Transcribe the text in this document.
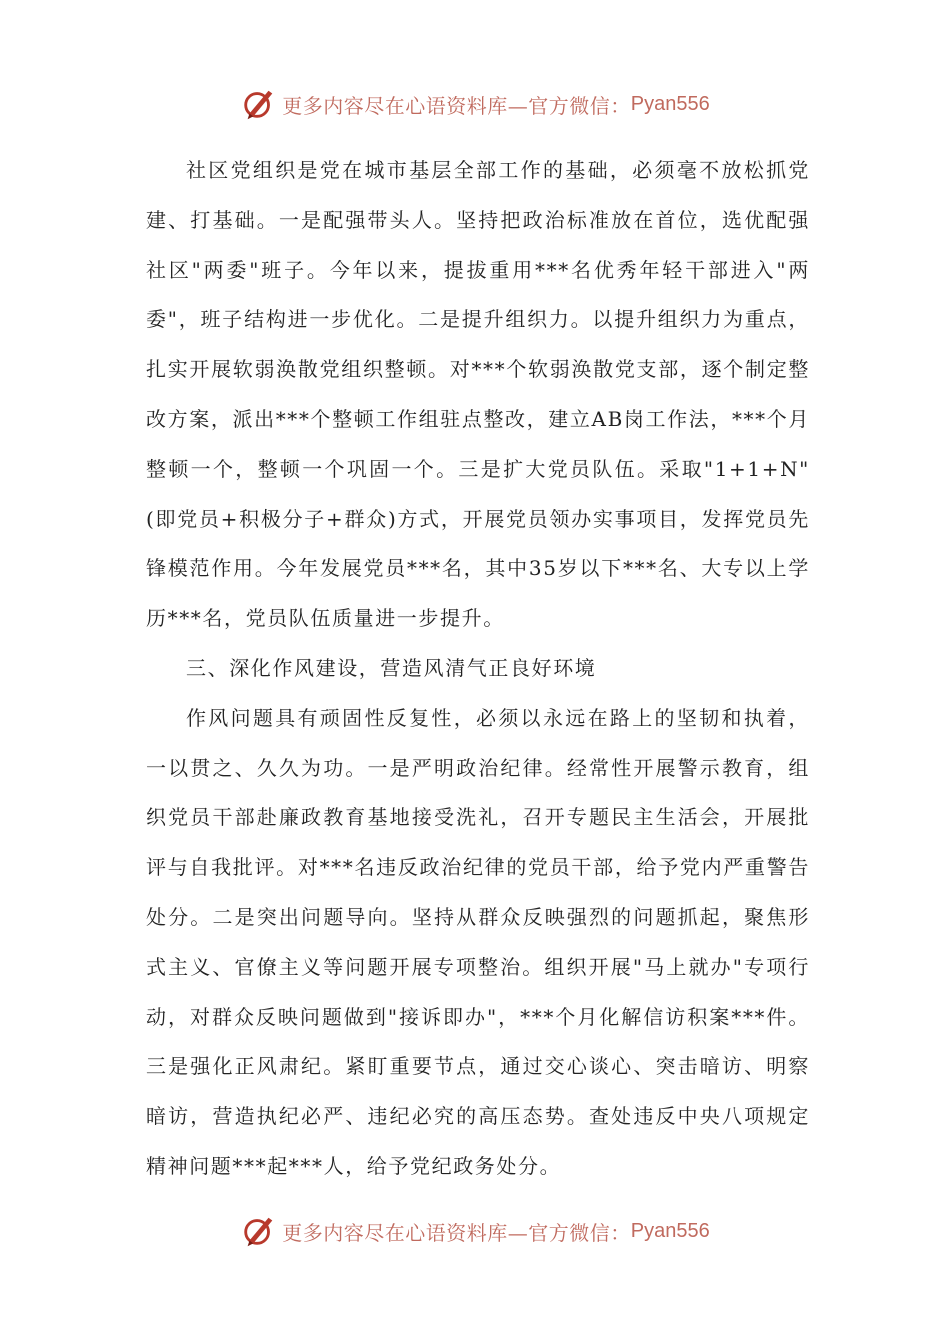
更多内容尽在心语资料库—官方微信： Pyan556

社区党组织是党在城市基层全部工作的基础，必须毫不放松抓党建、打基础。一是配强带头人。坚持把政治标准放在首位，选优配强社区"两委"班子。今年以来，提拔重用***名优秀年轻干部进入"两委"，班子结构进一步优化。二是提升组织力。以提升组织力为重点，扎实开展软弱涣散党组织整顿。对***个软弱涣散党支部，逐个制定整改方案，派出***个整顿工作组驻点整改，建立AB岗工作法，***个月整顿一个，整顿一个巩固一个。三是扩大党员队伍。采取"1+1+N"(即党员+积极分子+群众)方式，开展党员领办实事项目，发挥党员先锋模范作用。今年发展党员***名，其中35岁以下***名、大专以上学历***名，党员队伍质量进一步提升。

三、深化作风建设，营造风清气正良好环境

作风问题具有顽固性反复性，必须以永远在路上的坚韧和执着，一以贯之、久久为功。一是严明政治纪律。经常性开展警示教育，组织党员干部赴廉政教育基地接受洗礼，召开专题民主生活会，开展批评与自我批评。对***名违反政治纪律的党员干部，给予党内严重警告处分。二是突出问题导向。坚持从群众反映强烈的问题抓起，聚焦形式主义、官僚主义等问题开展专项整治。组织开展"马上就办"专项行动，对群众反映问题做到"接诉即办"，***个月化解信访积案***件。三是强化正风肃纪。紧盯重要节点，通过交心谈心、突击暗访、明察暗访，营造执纪必严、违纪必究的高压态势。查处违反中央八项规定精神问题***起***人，给予党纪政务处分。

更多内容尽在心语资料库—官方微信： Pyan556
